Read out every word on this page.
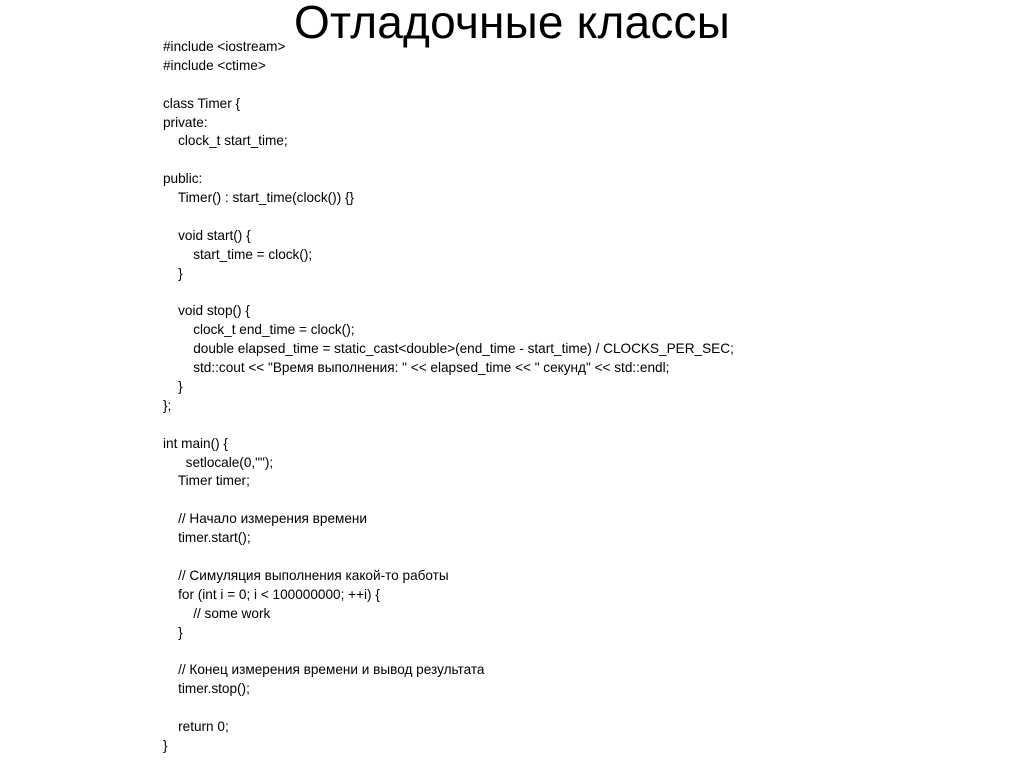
Отладочные классы
#include <iostream>
#include <ctime>
class Timer {
private:
clock_t start_time;
public:
Timer() : start_time(clock()) {}
void start() {
start_time = clock();
}
void stop() {
clock_t end_time = clock();
double elapsed_time = static_cast<double>(end_time - start_time) / CLOCKS_PER_SEC;
std::cout << "Время выполнения: " << elapsed_time << " секунд" << std::endl;
}
};
int main() {
setlocale(0,"");
Timer timer;
// Начало измерения времени
timer.start();
// Симуляция выполнения какой-то работы
for (int i = 0; i < 100000000; ++i) {
// some work
}
// Конец измерения времени и вывод результата
timer.stop();
return 0;
}
